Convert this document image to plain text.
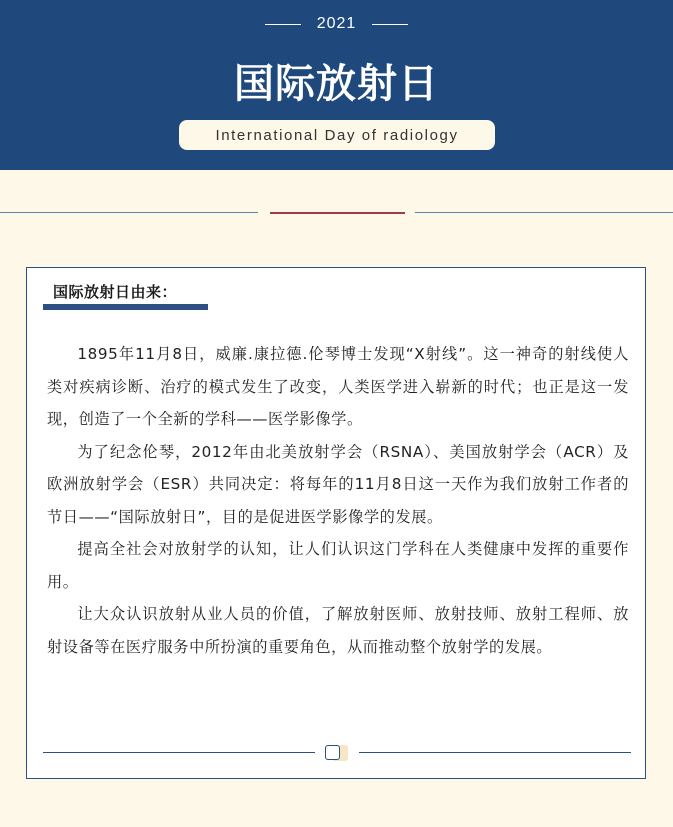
2021
国际放射日
International Day of radiology
国际放射日由来：

1895年11月8日，威廉.康拉德.伦琴博士发现“X射线”。这一神奇的射线使人类对疾病诊断、治疗的模式发生了改变，人类医学进入崭新的时代；也正是这一发现，创造了一个全新的学科——医学影像学。

为了纪念伦琴，2012年由北美放射学会（RSNA）、美国放射学会（ACR）及欧洲放射学会（ESR）共同决定：将每年的11月8日这一天作为我们放射工作者的节日——“国际放射日”，目的是促进医学影像学的发展。

提高全社会对放射学的认知，让人们认识这门学科在人类健康中发挥的重要作用。

让大众认识放射从业人员的价值，了解放射医师、放射技师、放射工程师、放射设备等在医疗服务中所扮演的重要角色，从而推动整个放射学的发展。
